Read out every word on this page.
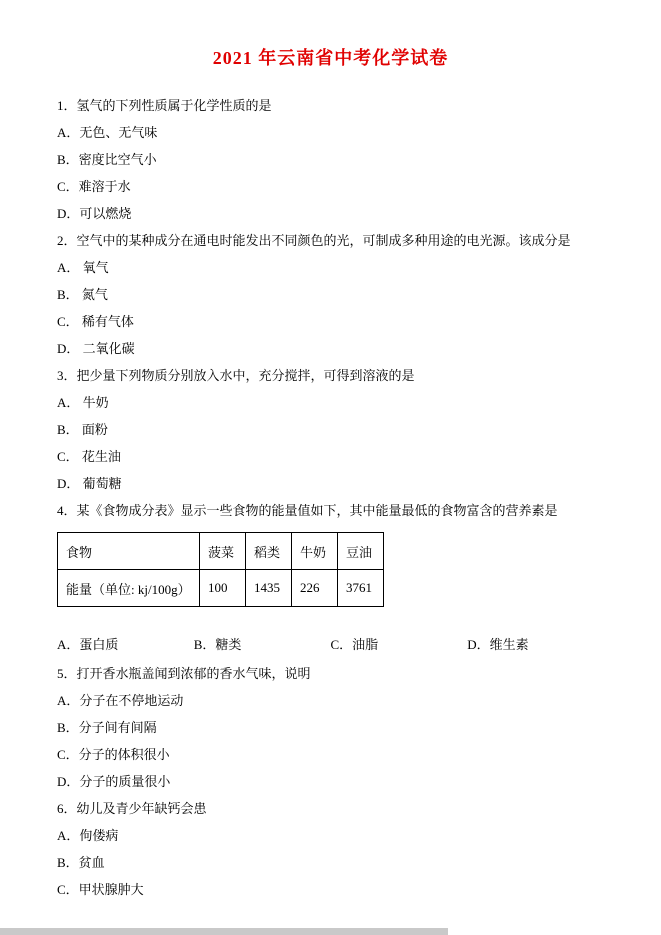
2021 年云南省中考化学试卷
1．氢气的下列性质属于化学性质的是
A．无色、无气味
B．密度比空气小
C．难溶于水
D．可以燃烧
2．空气中的某种成分在通电时能发出不同颜色的光，可制成多种用途的电光源。该成分是
A． 氧气
B． 氮气
C． 稀有气体
D． 二氧化碳
3．把少量下列物质分别放入水中，充分搅拌，可得到溶液的是
A． 牛奶
B． 面粉
C． 花生油
D． 葡萄糖
4．某《食物成分表》显示一些食物的能量值如下，其中能量最低的食物富含的营养素是
食物	菠菜	稻类	牛奶	豆油
能量（单位: kj/100g）	100	1435	226	3761
A．蛋白质	B．糖类	C．油脂	D．维生素
5．打开香水瓶盖闻到浓郁的香水气味，说明
A．分子在不停地运动
B．分子间有间隔
C．分子的体积很小
D．分子的质量很小
6．幼儿及青少年缺钙会患
A．佝偻病
B．贫血
C．甲状腺肿大
